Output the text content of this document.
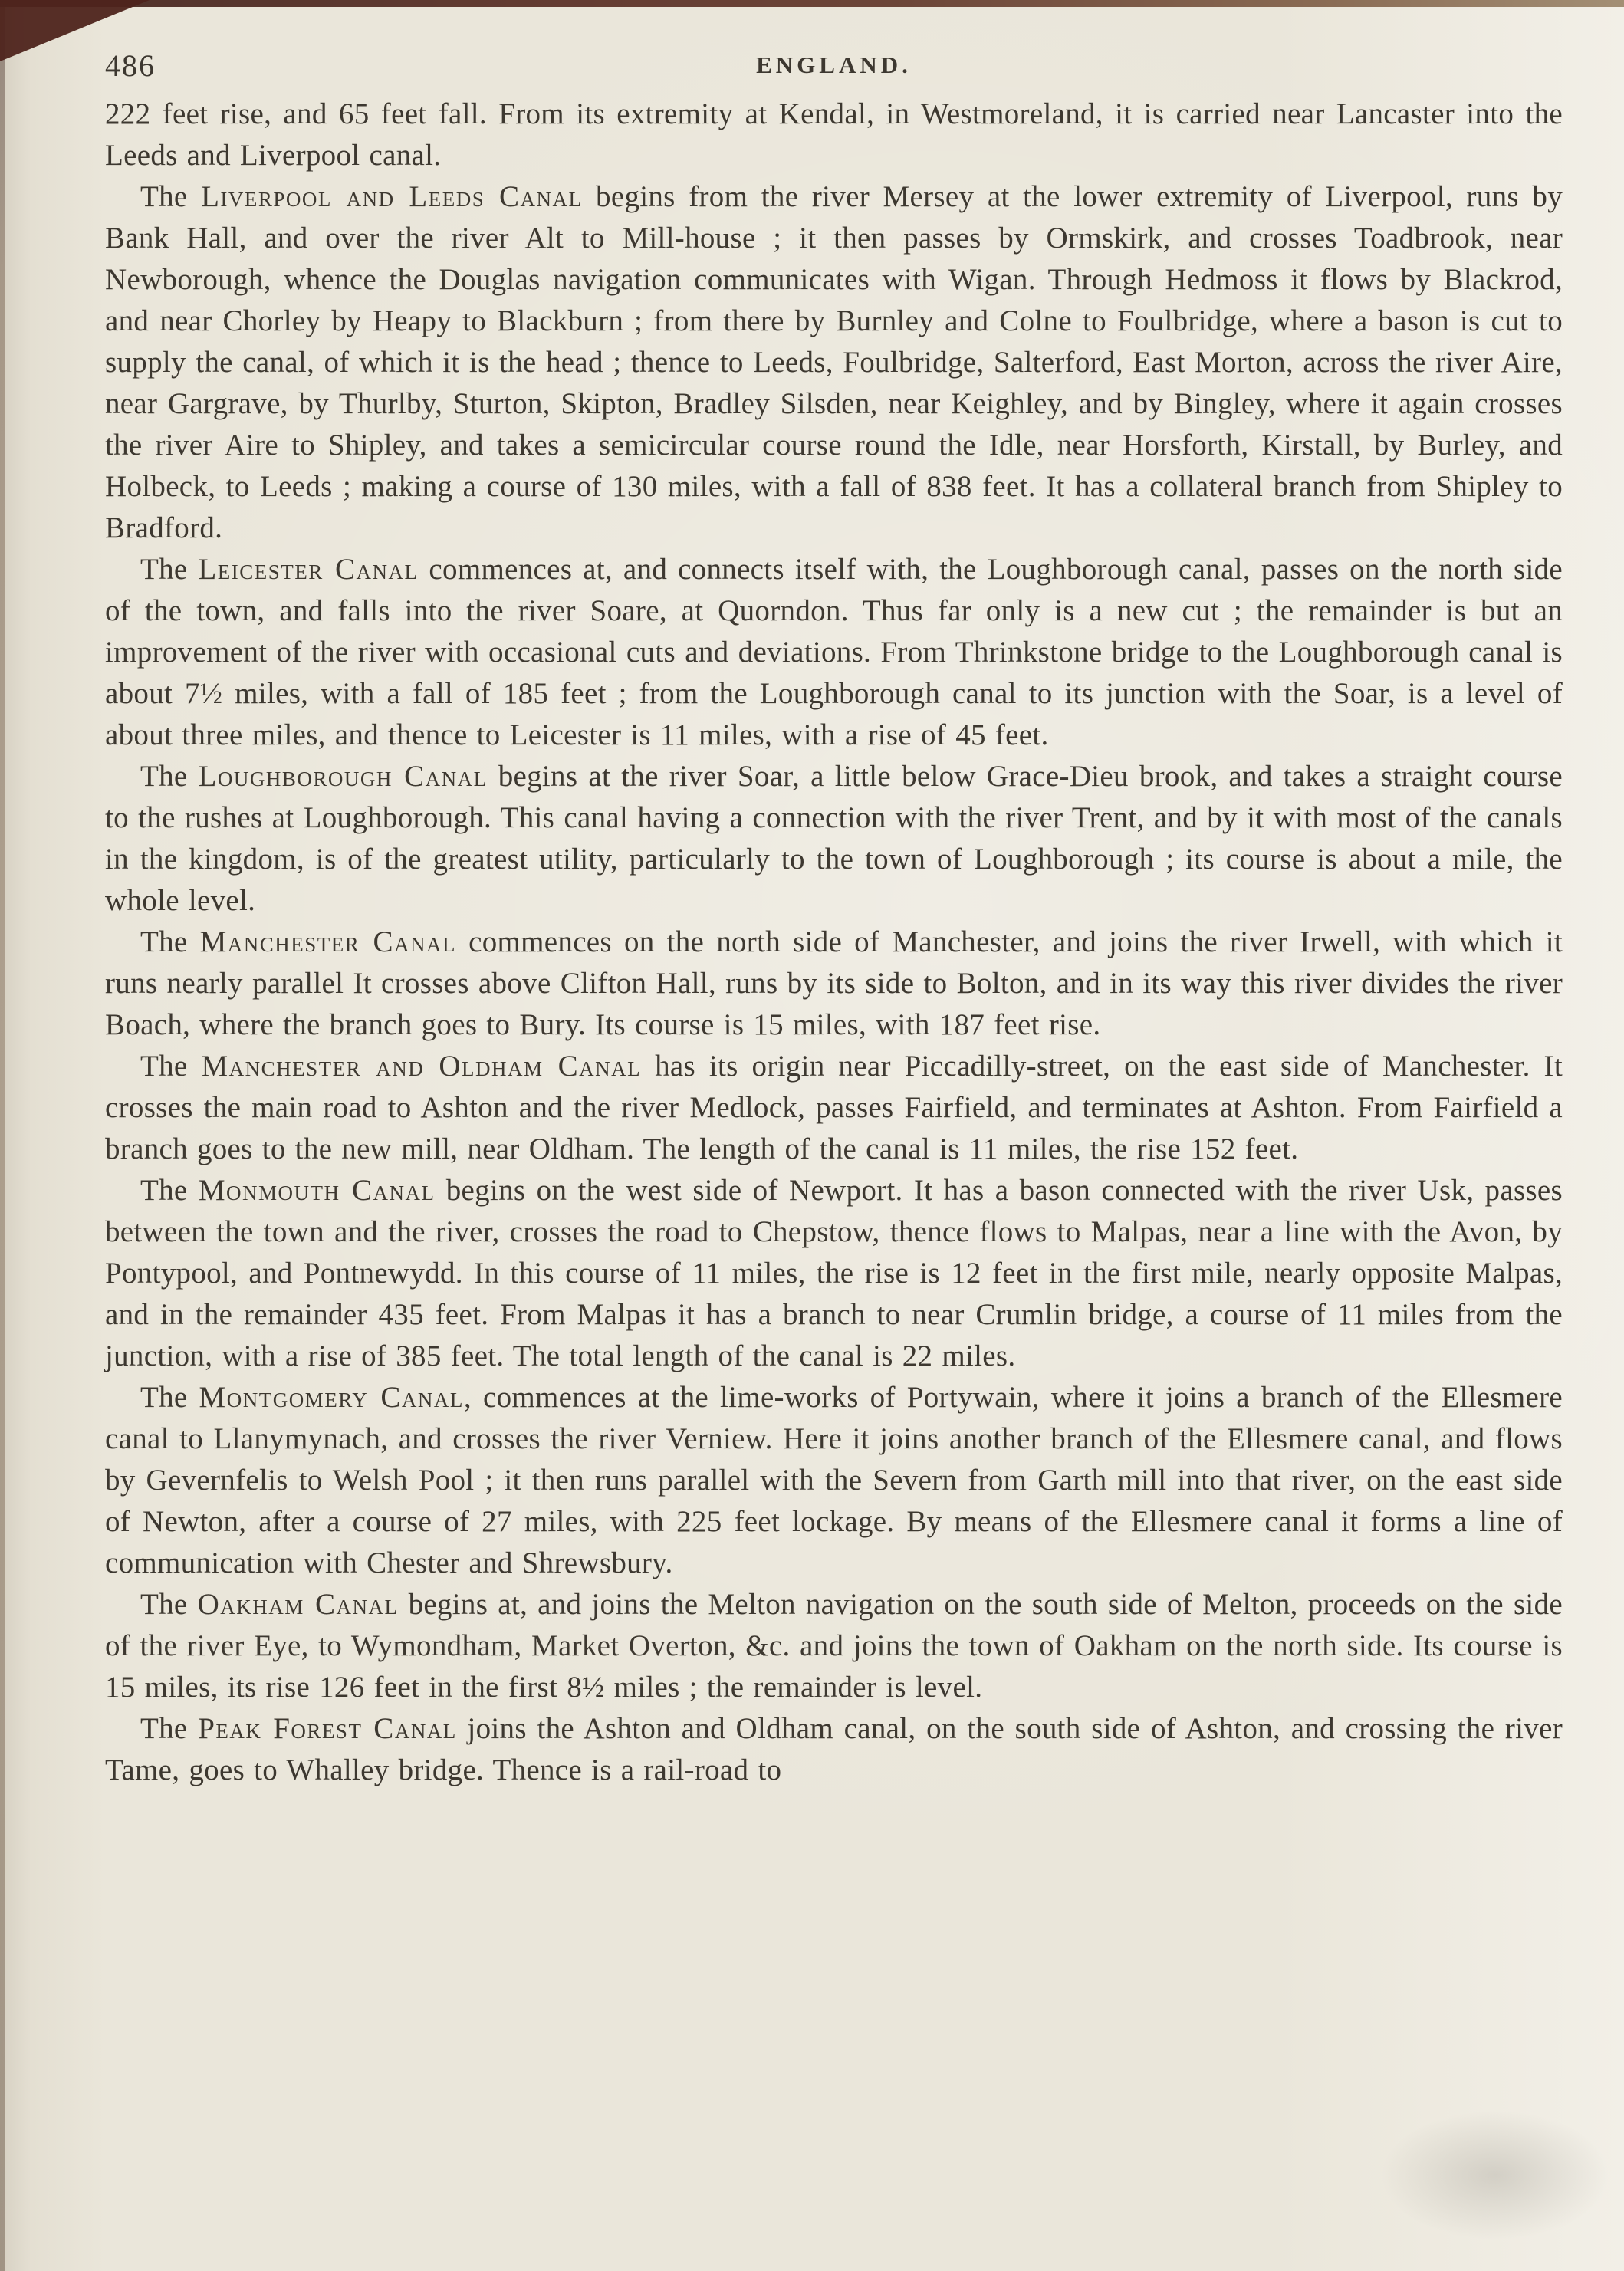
486	ENGLAND.

222 feet rise, and 65 feet fall. From its extremity at Kendal, in Westmoreland, it is carried near Lancaster into the Leeds and Liverpool canal.

The Liverpool and Leeds Canal begins from the river Mersey at the lower extremity of Liverpool, runs by Bank Hall, and over the river Alt to Mill-house ; it then passes by Ormskirk, and crosses Toadbrook, near Newborough, whence the Douglas navigation communicates with Wigan. Through Hedmoss it flows by Blackrod, and near Chorley by Heapy to Blackburn ; from there by Burnley and Colne to Foulbridge, where a bason is cut to supply the canal, of which it is the head ; thence to Leeds, Foulbridge, Salterford, East Morton, across the river Aire, near Gargrave, by Thurlby, Sturton, Skipton, Bradley Silsden, near Keighley, and by Bingley, where it again crosses the river Aire to Shipley, and takes a semicircular course round the Idle, near Horsforth, Kirstall, by Burley, and Holbeck, to Leeds ; making a course of 130 miles, with a fall of 838 feet. It has a collateral branch from Shipley to Bradford.

The Leicester Canal commences at, and connects itself with, the Loughborough canal, passes on the north side of the town, and falls into the river Soare, at Quorndon. Thus far only is a new cut ; the remainder is but an improvement of the river with occasional cuts and deviations. From Thrinkstone bridge to the Loughborough canal is about 7½ miles, with a fall of 185 feet ; from the Loughborough canal to its junction with the Soar, is a level of about three miles, and thence to Leicester is 11 miles, with a rise of 45 feet.

The Loughborough Canal begins at the river Soar, a little below Grace-Dieu brook, and takes a straight course to the rushes at Loughborough. This canal having a connection with the river Trent, and by it with most of the canals in the kingdom, is of the greatest utility, particularly to the town of Loughborough ; its course is about a mile, the whole level.

The Manchester Canal commences on the north side of Manchester, and joins the river Irwell, with which it runs nearly parallel It crosses above Clifton Hall, runs by its side to Bolton, and in its way this river divides the river Boach, where the branch goes to Bury. Its course is 15 miles, with 187 feet rise.

The Manchester and Oldham Canal has its origin near Piccadilly-street, on the east side of Manchester. It crosses the main road to Ashton and the river Medlock, passes Fairfield, and terminates at Ashton. From Fairfield a branch goes to the new mill, near Oldham. The length of the canal is 11 miles, the rise 152 feet.

The Monmouth Canal begins on the west side of Newport. It has a bason connected with the river Usk, passes between the town and the river, crosses the road to Chepstow, thence flows to Malpas, near a line with the Avon, by Pontypool, and Pontnewydd. In this course of 11 miles, the rise is 12 feet in the first mile, nearly opposite Malpas, and in the remainder 435 feet. From Malpas it has a branch to near Crumlin bridge, a course of 11 miles from the junction, with a rise of 385 feet. The total length of the canal is 22 miles.

The Montgomery Canal, commences at the lime-works of Portywain, where it joins a branch of the Ellesmere canal to Llanymynach, and crosses the river Verniew. Here it joins another branch of the Ellesmere canal, and flows by Gevernfelis to Welsh Pool ; it then runs parallel with the Severn from Garth mill into that river, on the east side of Newton, after a course of 27 miles, with 225 feet lockage. By means of the Ellesmere canal it forms a line of communication with Chester and Shrewsbury.

The Oakham Canal begins at, and joins the Melton navigation on the south side of Melton, proceeds on the side of the river Eye, to Wymondham, Market Overton, &c. and joins the town of Oakham on the north side. Its course is 15 miles, its rise 126 feet in the first 8½ miles ; the remainder is level.

The Peak Forest Canal joins the Ashton and Oldham canal, on the south side of Ashton, and crossing the river Tame, goes to Whalley bridge. Thence is a rail-road to
